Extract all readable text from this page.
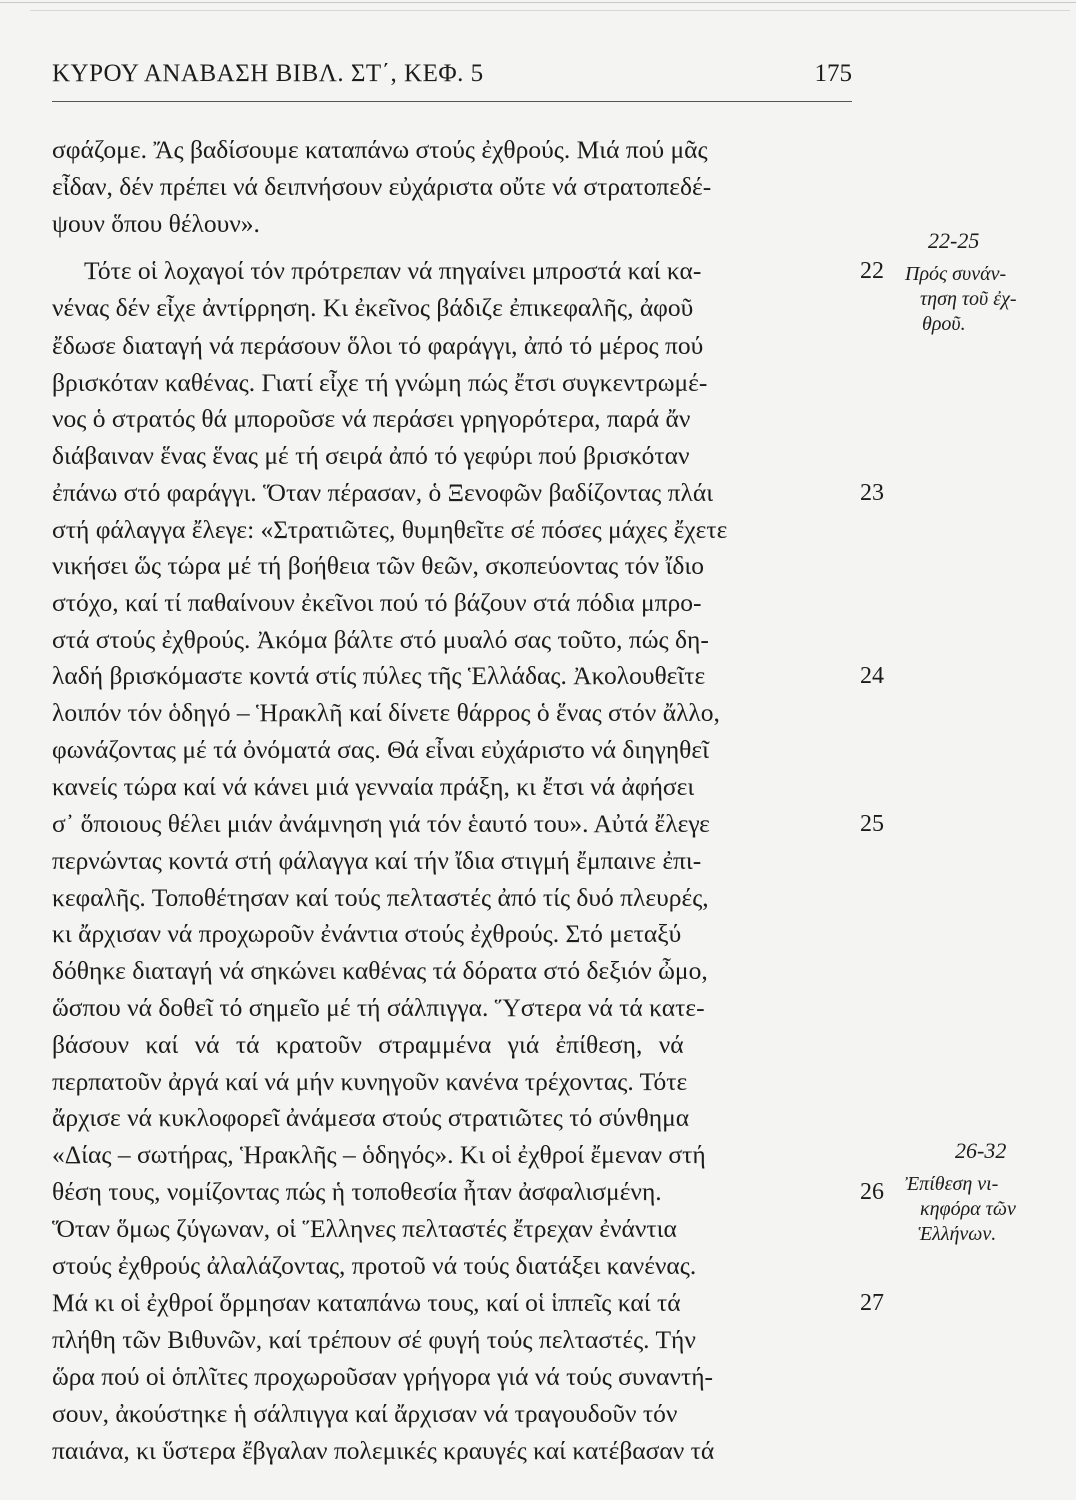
ΚΥΡΟΥ ΑΝΑΒΑΣΗ ΒΙΒΛ. ΣΤ΄, ΚΕΦ. 5	175
σφάζομε. Ἄς βαδίσουμε καταπάνω στούς ἐχθρούς. Μιά πού μᾶς
εἶδαν, δέν πρέπει νά δειπνήσουν εὐχάριστα οὔτε νά στρατοπεδέ-
ψουν ὅπου θέλουν».
Τότε οἱ λοχαγοί τόν πρότρεπαν νά πηγαίνει μπροστά καί κα-
νένας δέν εἶχε ἀντίρρηση. Κι ἐκεῖνος βάδιζε ἐπικεφαλῆς, ἀφοῦ
ἔδωσε διαταγή νά περάσουν ὅλοι τό φαράγγι, ἀπό τό μέρος πού
βρισκόταν καθένας. Γιατί εἶχε τή γνώμη πώς ἔτσι συγκεντρωμέ-
νος ὁ στρατός θά μποροῦσε νά περάσει γρηγορότερα, παρά ἄν
διάβαιναν ἕνας ἕνας μέ τή σειρά ἀπό τό γεφύρι πού βρισκόταν
ἐπάνω στό φαράγγι. Ὅταν πέρασαν, ὁ Ξενοφῶν βαδίζοντας πλάι
στή φάλαγγα ἔλεγε: «Στρατιῶτες, θυμηθεῖτε σέ πόσες μάχες ἔχετε
νικήσει ὥς τώρα μέ τή βοήθεια τῶν θεῶν, σκοπεύοντας τόν ἴδιο
στόχο, καί τί παθαίνουν ἐκεῖνοι πού τό βάζουν στά πόδια μπρο-
στά στούς ἐχθρούς. Ἀκόμα βάλτε στό μυαλό σας τοῦτο, πώς δη-
λαδή βρισκόμαστε κοντά στίς πύλες τῆς Ἑλλάδας. Ἀκολουθεῖτε
λοιπόν τόν ὁδηγό – Ἡρακλῆ καί δίνετε θάρρος ὁ ἕνας στόν ἄλλο,
φωνάζοντας μέ τά ὀνόματά σας. Θά εἶναι εὐχάριστο νά διηγηθεῖ
κανείς τώρα καί νά κάνει μιά γενναία πράξη, κι ἔτσι νά ἀφήσει
σ᾽ ὅποιους θέλει μιάν ἀνάμνηση γιά τόν ἑαυτό του». Αὐτά ἔλεγε
περνώντας κοντά στή φάλαγγα καί τήν ἴδια στιγμή ἔμπαινε ἐπι-
κεφαλῆς. Τοποθέτησαν καί τούς πελταστές ἀπό τίς δυό πλευρές,
κι ἄρχισαν νά προχωροῦν ἐνάντια στούς ἐχθρούς. Στό μεταξύ
δόθηκε διαταγή νά σηκώνει καθένας τά δόρατα στό δεξιόν ὦμο,
ὥσπου νά δοθεῖ τό σημεῖο μέ τή σάλπιγγα. Ὕστερα νά τά κατε-
βάσουν καί νά τά κρατοῦν στραμμένα γιά ἐπίθεση, νά
περπατοῦν ἀργά καί νά μήν κυνηγοῦν κανένα τρέχοντας. Τότε
ἄρχισε νά κυκλοφορεῖ ἀνάμεσα στούς στρατιῶτες τό σύνθημα
«Δίας – σωτήρας, Ἡρακλῆς – ὁδηγός». Κι οἱ ἐχθροί ἔμεναν στή
θέση τους, νομίζοντας πώς ἡ τοποθεσία ἦταν ἀσφαλισμένη.
Ὅταν ὅμως ζύγωναν, οἱ Ἕλληνες πελταστές ἔτρεχαν ἐνάντια
στούς ἐχθρούς ἀλαλάζοντας, προτοῦ νά τούς διατάξει κανένας.
Μά κι οἱ ἐχθροί ὅρμησαν καταπάνω τους, καί οἱ ἱππεῖς καί τά
πλήθη τῶν Βιθυνῶν, καί τρέπουν σέ φυγή τούς πελταστές. Τήν
ὥρα πού οἱ ὁπλῖτες προχωροῦσαν γρήγορα γιά νά τούς συναντή-
σουν, ἀκούστηκε ἡ σάλπιγγα καί ἄρχισαν νά τραγουδοῦν τόν
παιάνα, κι ὕστερα ἔβγαλαν πολεμικές κραυγές καί κατέβασαν τά
22
23
24
25
26
27
22-25
Πρός συνάν-
τηση τοῦ ἐχ-
θροῦ.
26-32
Ἐπίθεση νι-
κηφόρα τῶν
Ἑλλήνων.
